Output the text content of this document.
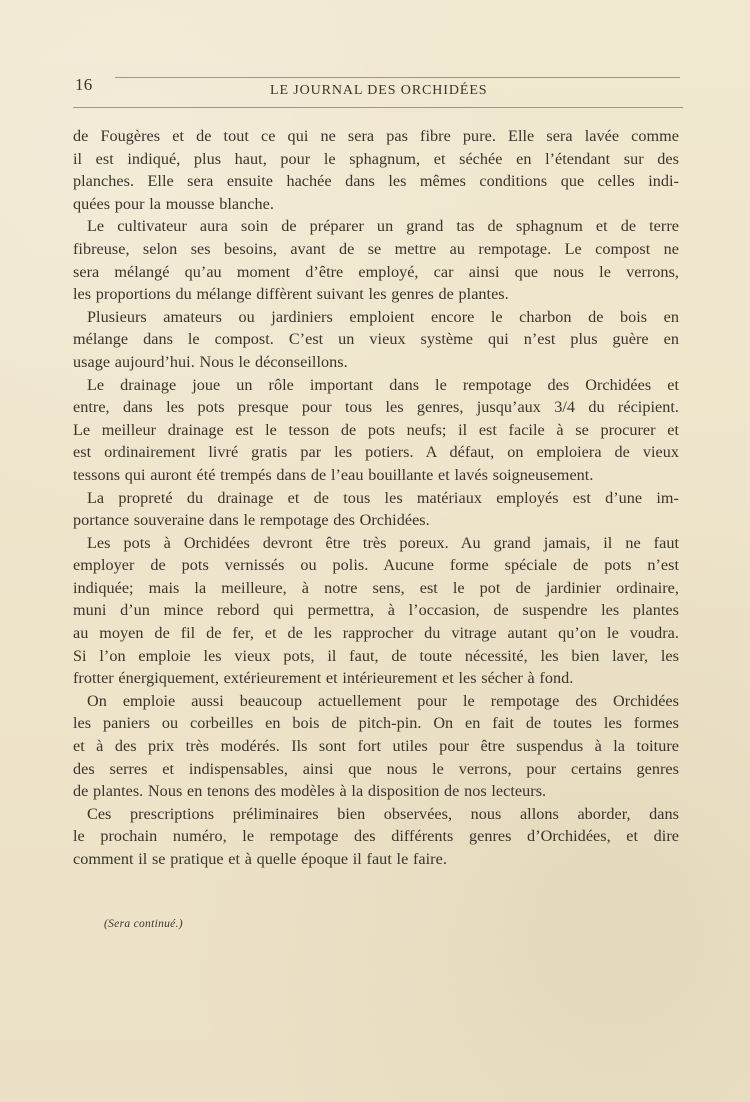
16	LE JOURNAL DES ORCHIDÉES
de Fougères et de tout ce qui ne sera pas fibre pure. Elle sera lavée comme
il est indiqué, plus haut, pour le sphagnum, et séchée en l’étendant sur des
planches. Elle sera ensuite hachée dans les mêmes conditions que celles indi-
quées pour la mousse blanche.
Le cultivateur aura soin de préparer un grand tas de sphagnum et de terre
fibreuse, selon ses besoins, avant de se mettre au rempotage. Le compost ne
sera mélangé qu’au moment d’être employé, car ainsi que nous le verrons,
les proportions du mélange diffèrent suivant les genres de plantes.
Plusieurs amateurs ou jardiniers emploient encore le charbon de bois en
mélange dans le compost. C’est un vieux système qui n’est plus guère en
usage aujourd’hui. Nous le déconseillons.
Le drainage joue un rôle important dans le rempotage des Orchidées et
entre, dans les pots presque pour tous les genres, jusqu’aux 3/4 du récipient.
Le meilleur drainage est le tesson de pots neufs; il est facile à se procurer et
est ordinairement livré gratis par les potiers. A défaut, on emploiera de vieux
tessons qui auront été trempés dans de l’eau bouillante et lavés soigneusement.
La propreté du drainage et de tous les matériaux employés est d’une im-
portance souveraine dans le rempotage des Orchidées.
Les pots à Orchidées devront être très poreux. Au grand jamais, il ne faut
employer de pots vernissés ou polis. Aucune forme spéciale de pots n’est
indiquée; mais la meilleure, à notre sens, est le pot de jardinier ordinaire,
muni d’un mince rebord qui permettra, à l’occasion, de suspendre les plantes
au moyen de fil de fer, et de les rapprocher du vitrage autant qu’on le voudra.
Si l’on emploie les vieux pots, il faut, de toute nécessité, les bien laver, les
frotter énergiquement, extérieurement et intérieurement et les sécher à fond.
On emploie aussi beaucoup actuellement pour le rempotage des Orchidées
les paniers ou corbeilles en bois de pitch-pin. On en fait de toutes les formes
et à des prix très modérés. Ils sont fort utiles pour être suspendus à la toiture
des serres et indispensables, ainsi que nous le verrons, pour certains genres
de plantes. Nous en tenons des modèles à la disposition de nos lecteurs.
Ces prescriptions préliminaires bien observées, nous allons aborder, dans
le prochain numéro, le rempotage des différents genres d’Orchidées, et dire
comment il se pratique et à quelle époque il faut le faire.
(Sera continué.)
